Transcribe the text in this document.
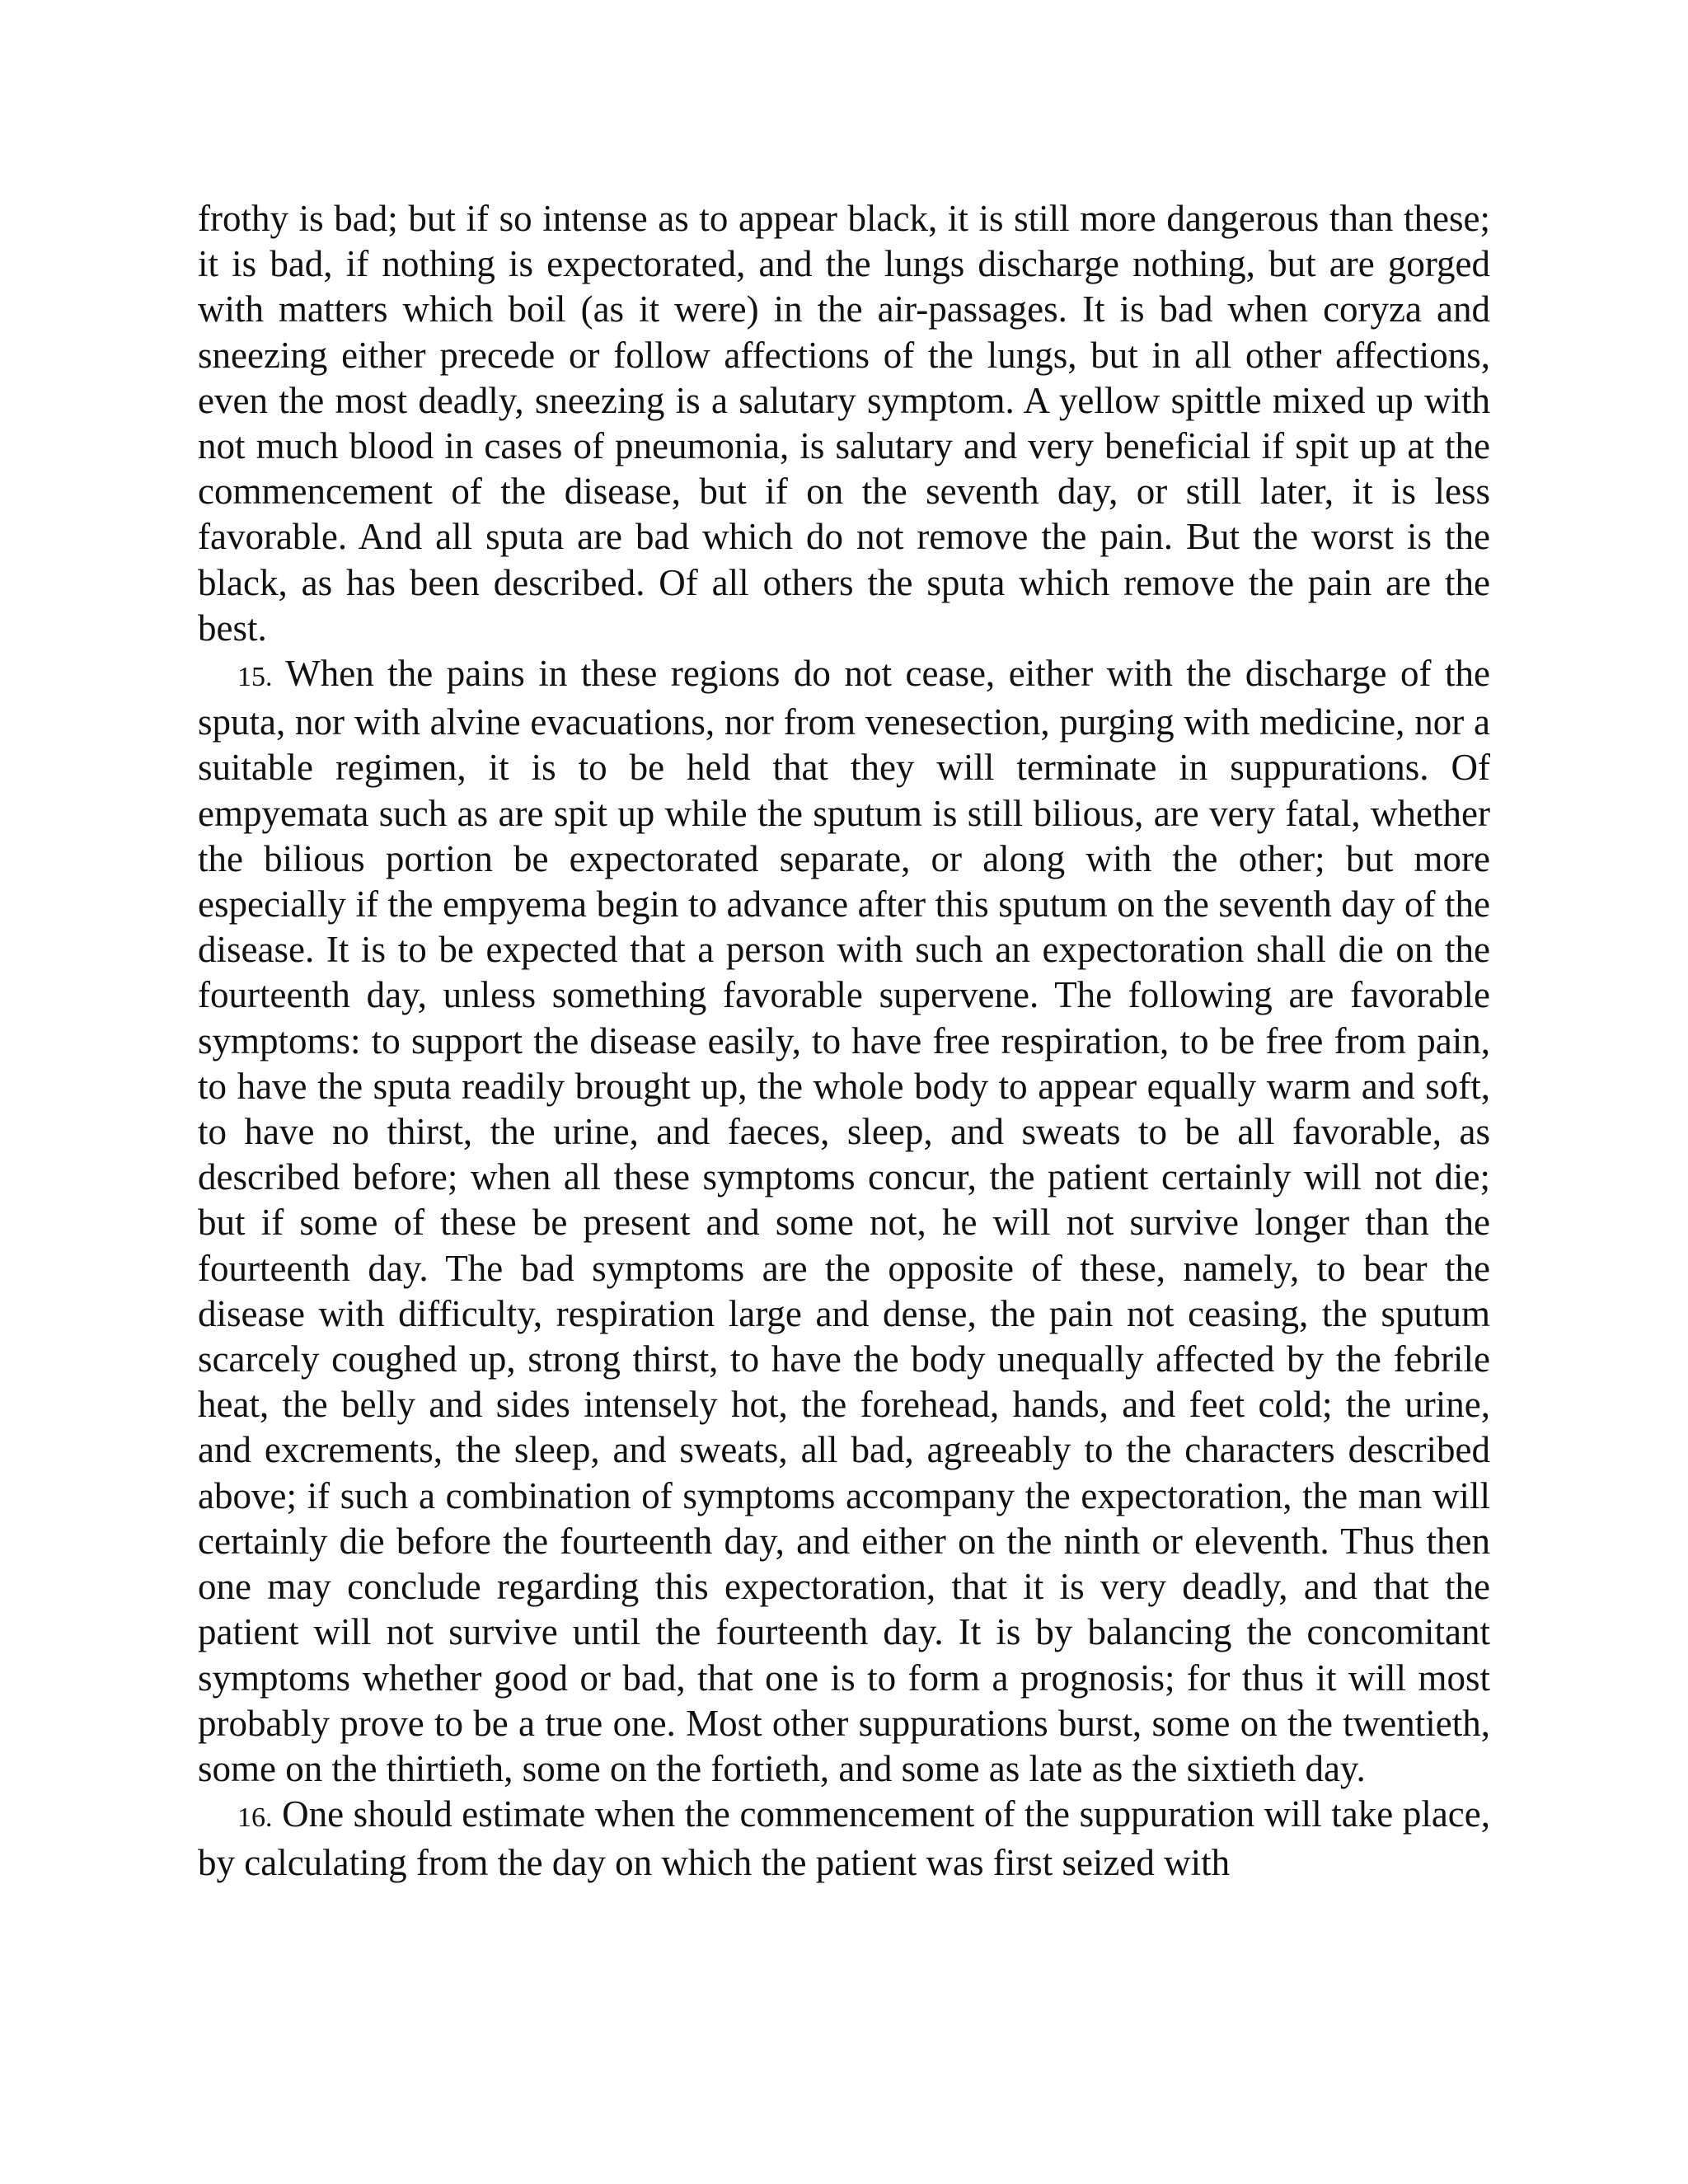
frothy is bad; but if so intense as to appear black, it is still more dangerous than these; it is bad, if nothing is expectorated, and the lungs discharge nothing, but are gorged with matters which boil (as it were) in the air-passages. It is bad when coryza and sneezing either precede or follow affections of the lungs, but in all other affections, even the most deadly, sneezing is a salutary symptom. A yellow spittle mixed up with not much blood in cases of pneumonia, is salutary and very beneficial if spit up at the commencement of the disease, but if on the seventh day, or still later, it is less favorable. And all sputa are bad which do not remove the pain. But the worst is the black, as has been described. Of all others the sputa which remove the pain are the best.

15. When the pains in these regions do not cease, either with the discharge of the sputa, nor with alvine evacuations, nor from venesection, purging with medicine, nor a suitable regimen, it is to be held that they will terminate in suppurations. Of empyemata such as are spit up while the sputum is still bilious, are very fatal, whether the bilious portion be expectorated separate, or along with the other; but more especially if the empyema begin to advance after this sputum on the seventh day of the disease. It is to be expected that a person with such an expectoration shall die on the fourteenth day, unless something favorable supervene. The following are favorable symptoms: to support the disease easily, to have free respiration, to be free from pain, to have the sputa readily brought up, the whole body to appear equally warm and soft, to have no thirst, the urine, and faeces, sleep, and sweats to be all favorable, as described before; when all these symptoms concur, the patient certainly will not die; but if some of these be present and some not, he will not survive longer than the fourteenth day. The bad symptoms are the opposite of these, namely, to bear the disease with difficulty, respiration large and dense, the pain not ceasing, the sputum scarcely coughed up, strong thirst, to have the body unequally affected by the febrile heat, the belly and sides intensely hot, the forehead, hands, and feet cold; the urine, and excrements, the sleep, and sweats, all bad, agreeably to the characters described above; if such a combination of symptoms accompany the expectoration, the man will certainly die before the fourteenth day, and either on the ninth or eleventh. Thus then one may conclude regarding this expectoration, that it is very deadly, and that the patient will not survive until the fourteenth day. It is by balancing the concomitant symptoms whether good or bad, that one is to form a prognosis; for thus it will most probably prove to be a true one. Most other suppurations burst, some on the twentieth, some on the thirtieth, some on the fortieth, and some as late as the sixtieth day.

16. One should estimate when the commencement of the suppuration will take place, by calculating from the day on which the patient was first seized with
